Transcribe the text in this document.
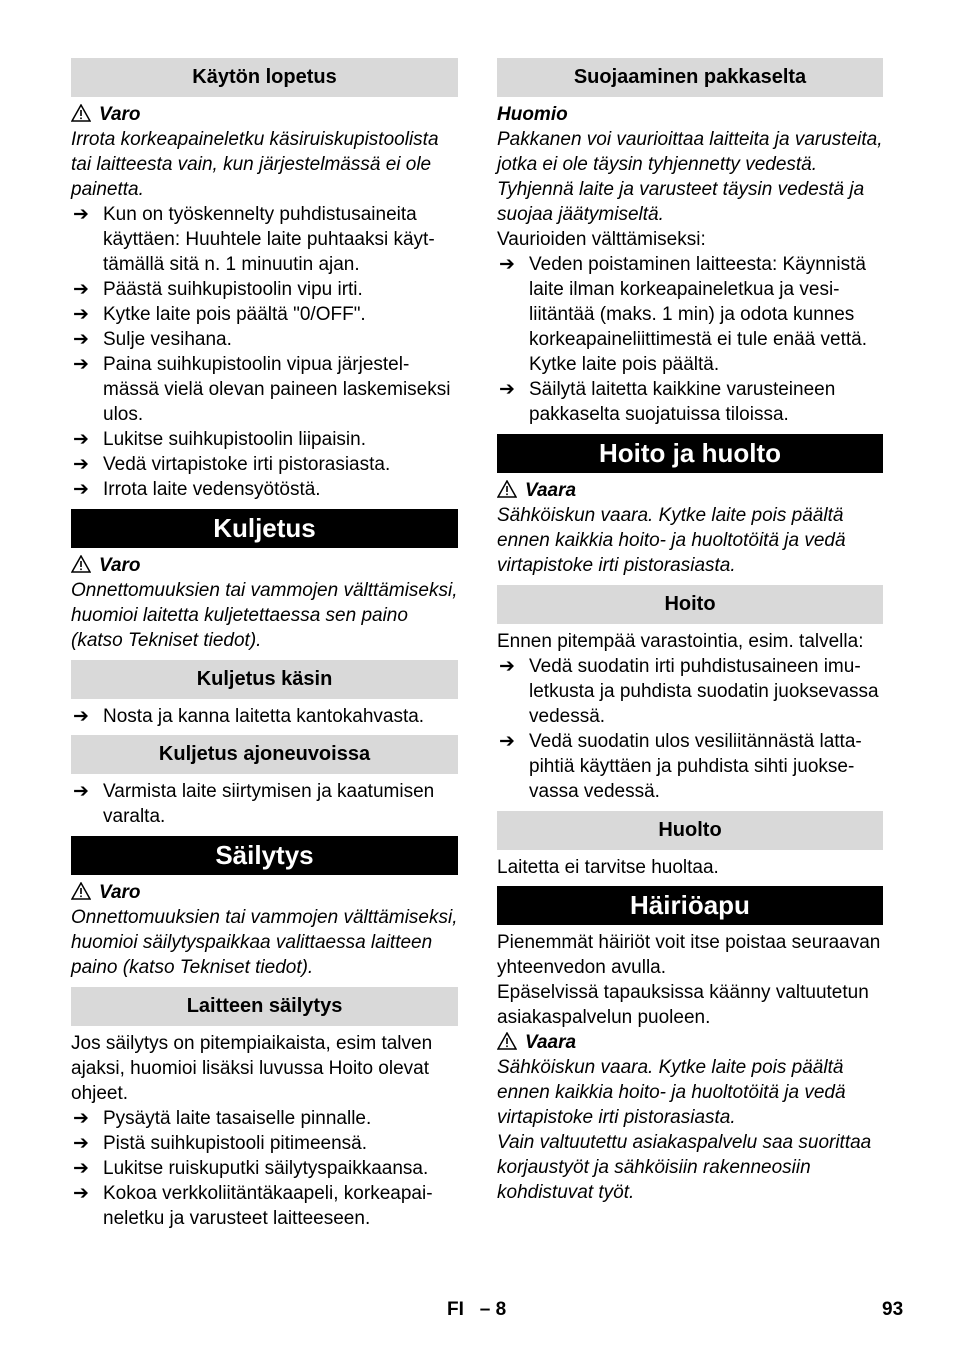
Käytön lopetus

Varo

Irrota korkeapaineletku käsiruiskupistoolista tai laitteesta vain, kun järjestelmässä ei ole painetta.

➔ Kun on työskennelty puhdistusaineita käyttäen: Huuhtele laite puhtaaksi käyttämällä sitä n. 1 minuutin ajan.
➔ Päästä suihkupistoolin vipu irti.
➔ Kytke laite pois päältä "0/OFF".
➔ Sulje vesihana.
➔ Paina suihkupistoolin vipua järjestelmässä vielä olevan paineen laskemiseksi ulos.
➔ Lukitse suihkupistoolin liipaisin.
➔ Vedä virtapistoke irti pistorasiasta.
➔ Irrota laite vedensyötöstä.
Kuljetus

Varo

Onnettomuuksien tai vammojen välttämiseksi, huomioi laitetta kuljetettaessa sen paino (katso Tekniset tiedot).

Kuljetus käsin
➔ Nosta ja kanna laitetta kantokahvasta.
Kuljetus ajoneuvoissa
➔ Varmista laite siirtymisen ja kaatumisen varalta.
Säilytys

Varo

Onnettomuuksien tai vammojen välttämiseksi, huomioi säilytyspaikkaa valittaessa laitteen paino (katso Tekniset tiedot).

Laitteen säilytys

Jos säilytys on pitempiaikaista, esim talven ajaksi, huomioi lisäksi luvussa Hoito olevat ohjeet.

➔ Pysäytä laite tasaiselle pinnalle.
➔ Pistä suihkupistooli pitimeensä.
➔ Lukitse ruiskuputki säilytyspaikkaansa.
➔ Kokoa verkkoliitäntäkaapeli, korkeapaineletku ja varusteet laitteeseen.
Suojaaminen pakkaselta

Huomio

Pakkanen voi vaurioittaa laitteita ja varusteita, jotka ei ole täysin tyhjennetty vedestä. Tyhjennä laite ja varusteet täysin vedestä ja suojaa jäätymiseltä.

Vaurioiden välttämiseksi:

➔ Veden poistaminen laitteesta: Käynnistä laite ilman korkeapaineletkua ja vesiliitäntää (maks. 1 min) ja odota kunnes korkeapaineliittimestä ei tule enää vettä. Kytke laite pois päältä.
➔ Säilytä laitetta kaikkine varusteineen pakkaselta suojatuissa tiloissa.
Hoito ja huolto

Vaara

Sähköiskun vaara. Kytke laite pois päältä ennen kaikkia hoito- ja huoltotöitä ja vedä virtapistoke irti pistorasiasta.

Hoito

Ennen pitempää varastointia, esim. talvella:

➔ Vedä suodatin irti puhdistusaineen imuletkusta ja puhdista suodatin juoksevassa vedessä.
➔ Vedä suodatin ulos vesiliitännästä lattapihtiä käyttäen ja puhdista sihti juoksevassa vedessä.
Huolto

Laitetta ei tarvitse huoltaa.

Häiriöapu

Pienemmät häiriöt voit itse poistaa seuraavan yhteenvedon avulla.

Epäselvissä tapauksissa käänny valtuutetun asiakaspalvelun puoleen.

Vaara

Sähköiskun vaara. Kytke laite pois päältä ennen kaikkia hoito- ja huoltotöitä ja vedä virtapistoke irti pistorasiasta.

Vain valtuutettu asiakaspalvelu saa suorittaa korjaustyöt ja sähköisiin rakenneosiin kohdistuvat työt.

FI   – 8	93
